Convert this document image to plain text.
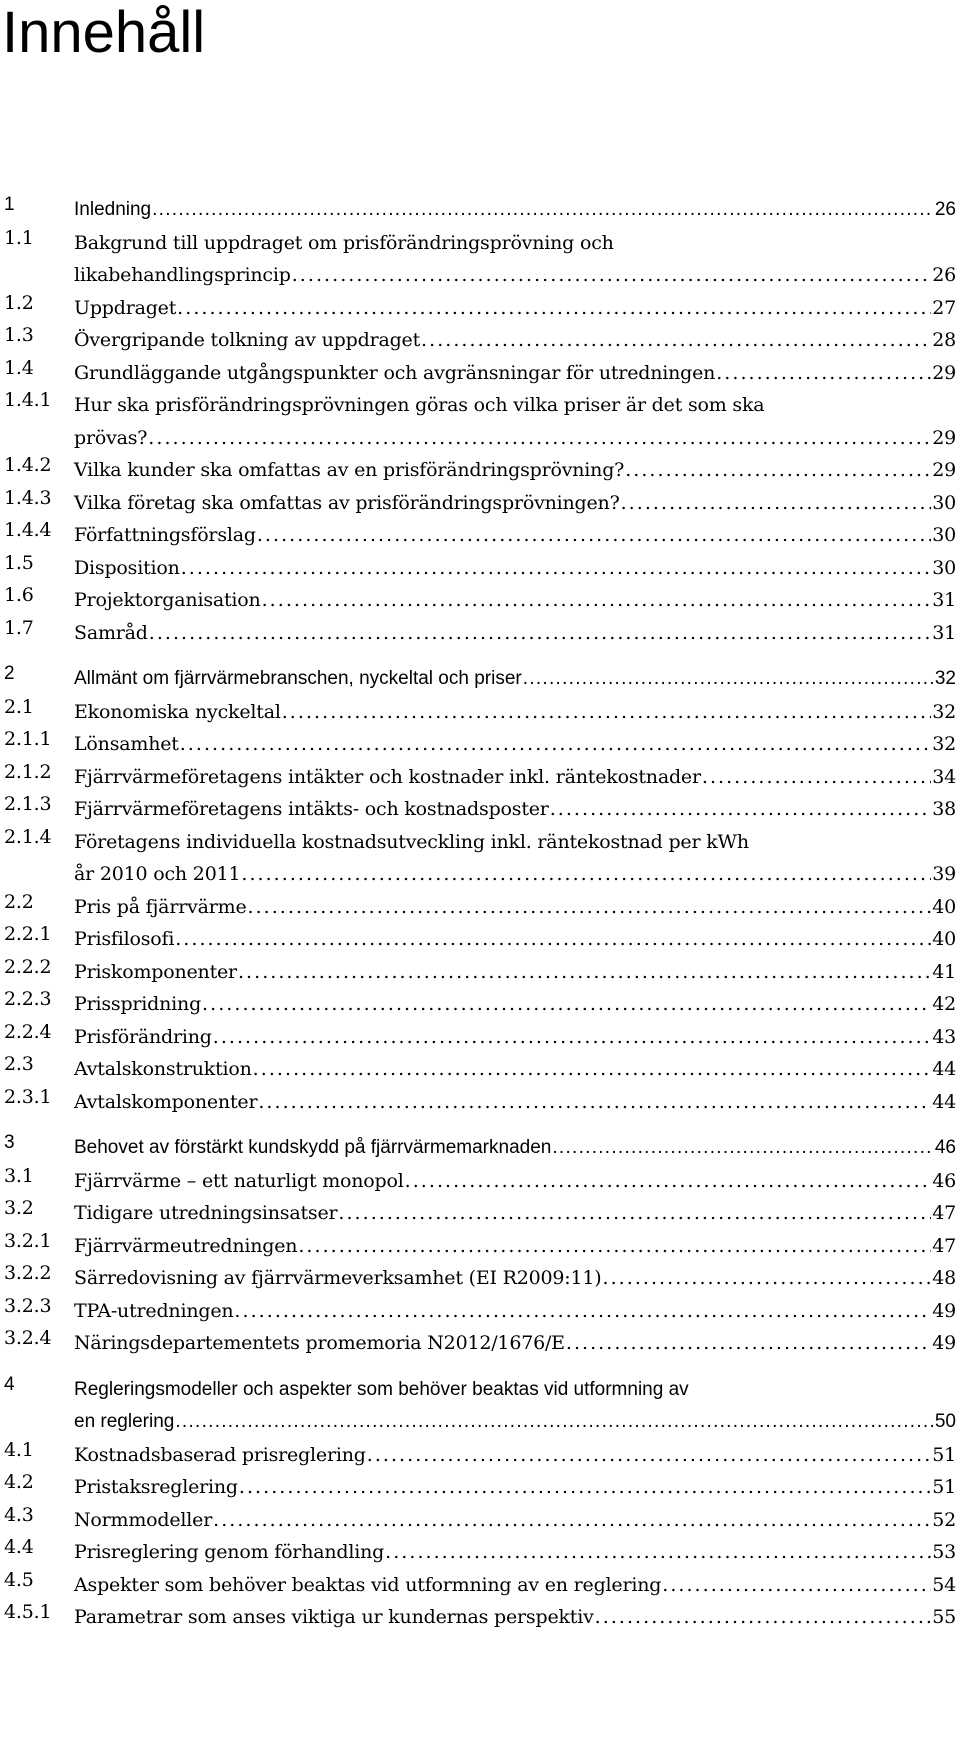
Innehåll
1	Inledning . . .	26
1.1 Bakgrund till uppdraget om prisförändringsprövning och
likabehandlingsprincip . . .	26
1.2 Uppdraget . . .	27
1.3 Övergripande tolkning av uppdraget . . .	28
1.4 Grundläggande utgångspunkter och avgränsningar för utredningen . . .	29
1.4.1 Hur ska prisförändringsprövningen göras och vilka priser är det som ska
prövas? . . .	29
1.4.2 Vilka kunder ska omfattas av en prisförändringsprövning? . . .	29
1.4.3 Vilka företag ska omfattas av prisförändringsprövningen? . . .	30
1.4.4 Författningsförslag . . .	30
1.5 Disposition . . .	30
1.6 Projektorganisation . . .	31
1.7 Samråd . . .	31
2	Allmänt om fjärrvärmebranschen, nyckeltal och priser . . .	32
2.1 Ekonomiska nyckeltal . . .	32
2.1.1 Lönsamhet . . .	32
2.1.2 Fjärrvärmeföretagens intäkter och kostnader inkl. räntekostnader . . .	34
2.1.3 Fjärrvärmeföretagens intäkts- och kostnadsposter . . .	38
2.1.4 Företagens individuella kostnadsutveckling inkl. räntekostnad per kWh
år 2010 och 2011 . . .	39
2.2 Pris på fjärrvärme . . .	40
2.2.1 Prisfilosofi . . .	40
2.2.2 Priskomponenter . . .	41
2.2.3 Prisspridning . . .	42
2.2.4 Prisförändring . . .	43
2.3 Avtalskonstruktion . . .	44
2.3.1 Avtalskomponenter . . .	44
3	Behovet av förstärkt kundskydd på fjärrvärmemarknaden . . .	46
3.1 Fjärrvärme – ett naturligt monopol . . .	46
3.2 Tidigare utredningsinsatser . . .	47
3.2.1 Fjärrvärmeutredningen . . .	47
3.2.2 Särredovisning av fjärrvärmeverksamhet (EI R2009:11) . . .	48
3.2.3 TPA-utredningen . . .	49
3.2.4 Näringsdepartementets promemoria N2012/1676/E . . .	49
4	Regleringsmodeller och aspekter som behöver beaktas vid utformning av
en reglering . . .	50
4.1 Kostnadsbaserad prisreglering . . .	51
4.2 Pristaksreglering . . .	51
4.3 Normmodeller . . .	52
4.4 Prisreglering genom förhandling . . .	53
4.5 Aspekter som behöver beaktas vid utformning av en reglering . . .	54
4.5.1 Parametrar som anses viktiga ur kundernas perspektiv . . .	55
